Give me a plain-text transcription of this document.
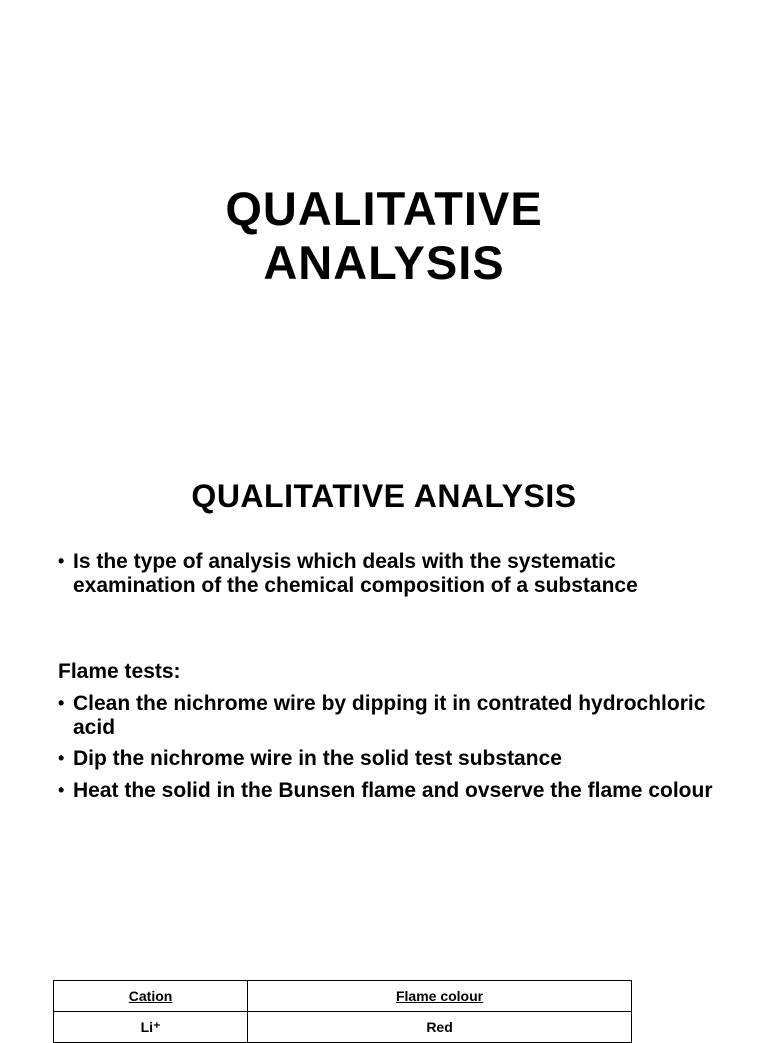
QUALITATIVE
ANALYSIS
QUALITATIVE ANALYSIS

• Is the type of analysis which deals with the systematic examination of the chemical composition of a substance

Flame tests:

• Clean the nichrome wire by dipping it in contrated hydrochloric acid

• Dip the nichrome wire in the solid test substance

• Heat the solid in the Bunsen flame and ovserve the flame colour

Cation	Flame colour
Li⁺	Red
